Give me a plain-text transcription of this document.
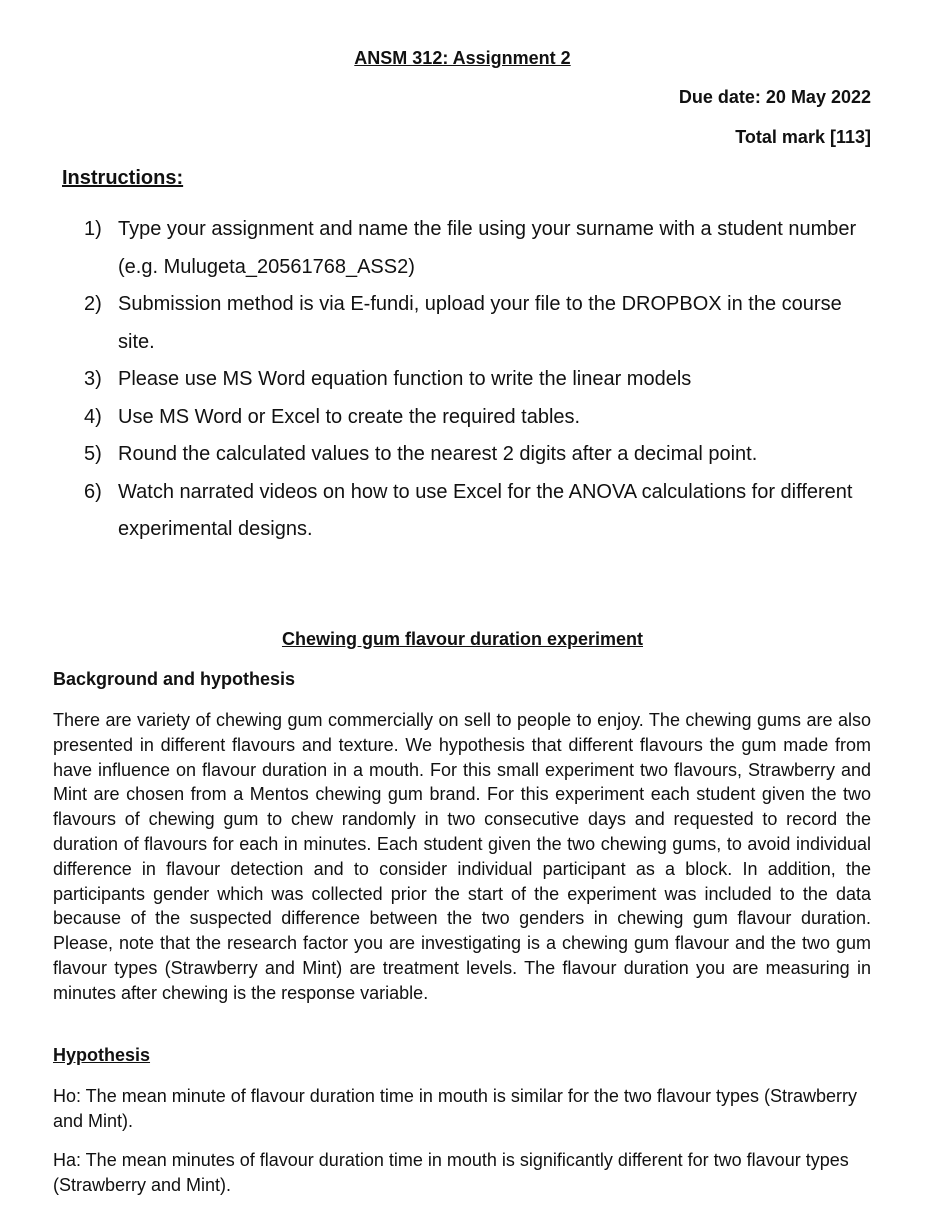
ANSM 312: Assignment 2
Due date: 20 May 2022
Total mark [113]
Instructions:
1) Type your assignment and name the file using your surname with a student number (e.g. Mulugeta_20561768_ASS2)
2) Submission method is via E-fundi, upload your file to the DROPBOX in the course site.
3) Please use MS Word equation function to write the linear models
4) Use MS Word or Excel to create the required tables.
5) Round the calculated values to the nearest 2 digits after a decimal point.
6) Watch narrated videos on how to use Excel for the ANOVA calculations for different experimental designs.
Chewing gum flavour duration experiment
Background and hypothesis

There are variety of chewing gum commercially on sell to people to enjoy. The chewing gums are also presented in different flavours and texture. We hypothesis that different flavours the gum made from have influence on flavour duration in a mouth. For this small experiment two flavours, Strawberry and Mint are chosen from a Mentos chewing gum brand. For this experiment each student given the two flavours of chewing gum to chew randomly in two consecutive days and requested to record the duration of flavours for each in minutes. Each student given the two chewing gums, to avoid individual difference in flavour detection and to consider individual participant as a block. In addition, the participants gender which was collected prior the start of the experiment was included to the data because of the suspected difference between the two genders in chewing gum flavour duration. Please, note that the research factor you are investigating is a chewing gum flavour and the two gum flavour types (Strawberry and Mint) are treatment levels. The flavour duration you are measuring in minutes after chewing is the response variable.

Hypothesis

Ho: The mean minute of flavour duration time in mouth is similar for the two flavour types (Strawberry and Mint).

Ha: The mean minutes of flavour duration time in mouth is significantly different for two flavour types (Strawberry and Mint).
